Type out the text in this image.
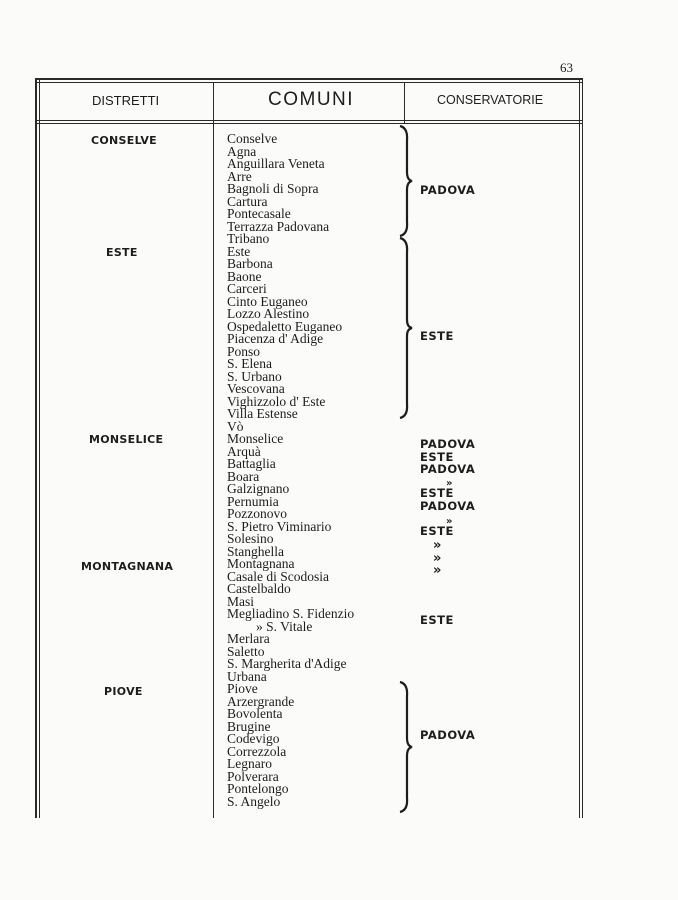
63
DISTRETTI	COMUNI	CONSERVATORIE
CONSELVE
ESTE
MONSELICE
MONTAGNANA
PIOVE
Conselve
Agna
Anguillara Veneta
Arre
Bagnoli di Sopra
Cartura
Pontecasale
Terrazza Padovana
Tribano
Este
Barbona
Baone
Carceri
Cinto Euganeo
Lozzo Alestino
Ospedaletto Euganeo
Piacenza d' Adige
Ponso
S. Elena
S. Urbano
Vescovana
Vighizzolo d' Este
Villa Estense
Vò
Monselice
Arquà
Battaglia
Boara
Galzignano
Pernumia
Pozzonovo
S. Pietro Viminario
Solesino
Stanghella
Montagnana
Casale di Scodosia
Castelbaldo
Masi
Megliadino S. Fidenzio
» S. Vitale
Merlara
Saletto
S. Margherita d'Adige
Urbana
Piove
Arzergrande
Bovolenta
Brugine
Codevigo
Correzzola
Legnaro
Polverara
Pontelongo
S. Angelo
PADOVA
ESTE
PADOVA
ESTE
PADOVA
ESTE
PADOVA
ESTE
»
»
»
ESTE
PADOVA
»
»
